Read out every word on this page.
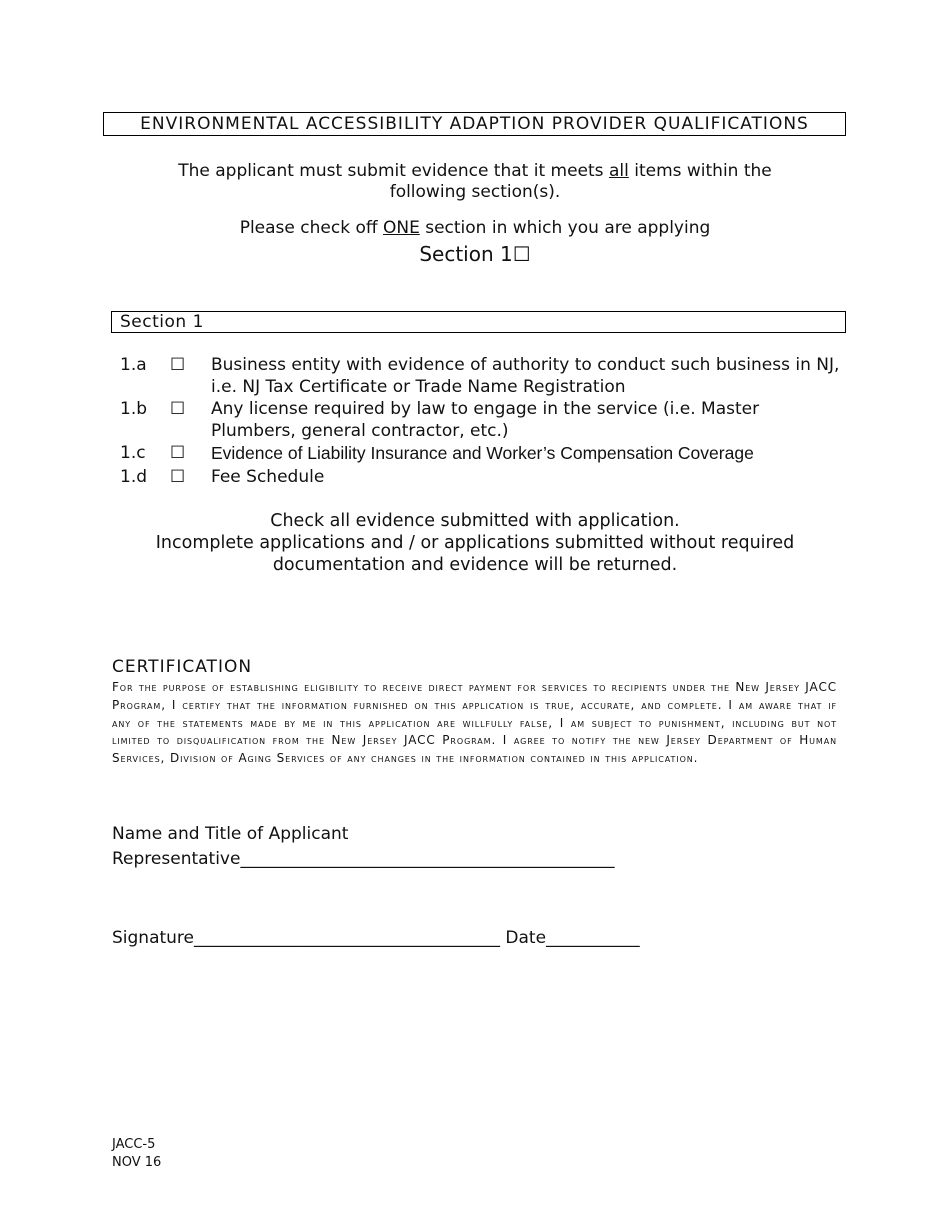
ENVIRONMENTAL ACCESSIBILITY ADAPTION PROVIDER QUALIFICATIONS
The applicant must submit evidence that it meets all items within the following section(s).
Please check off ONE section in which you are applying
Section 1☐
Section 1
1.a	☐ Business entity with evidence of authority to conduct such business in NJ, i.e. NJ Tax Certificate or Trade Name Registration
1.b	☐ Any license required by law to engage in the service (i.e. Master Plumbers, general contractor, etc.)
1.c	☐ Evidence of Liability Insurance and Worker’s Compensation Coverage
1.d	☐ Fee Schedule
Check all evidence submitted with application.
Incomplete applications and / or applications submitted without required documentation and evidence will be returned.
CERTIFICATION
For the purpose of establishing eligibility to receive direct payment for services to recipients under the New Jersey JACC Program, I certify that the information furnished on this application is true, accurate, and complete. I am aware that if any of the statements made by me in this application are willfully false, I am subject to punishment, including but not limited to disqualification from the New Jersey JACC Program. I agree to notify the new Jersey Department of Human Services, Division of Aging Services of any changes in the information contained in this application.
Name and Title of Applicant
Representative____________________________________________
Signature____________________________________ Date___________
JACC-5
NOV 16
